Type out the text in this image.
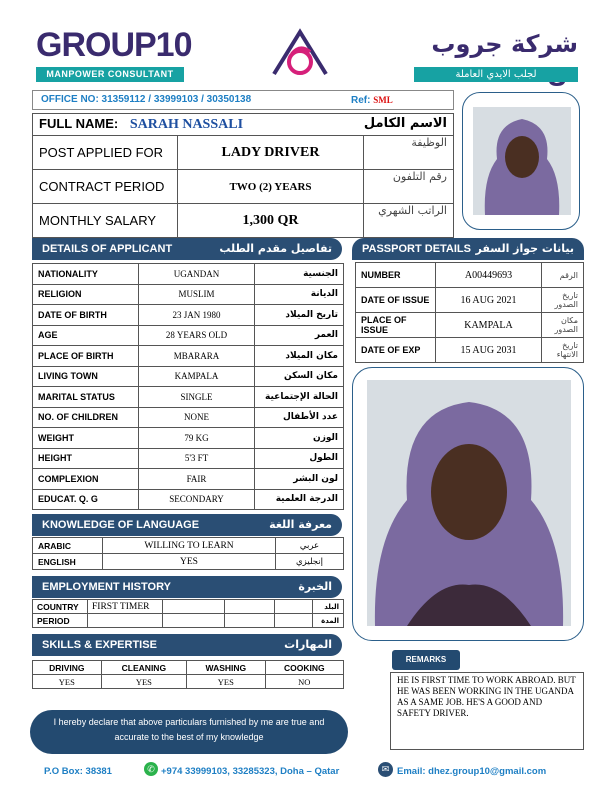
GROUP10
MANPOWER CONSULTANT
شركة جروب
لجلب الايدي العاملة
OFFICE NO: 31359112 / 33999103 / 30350138	Ref: SML
FULL NAME: SARAH NASSALI الاسم الكامل		

POST APPLIED FOR	LADY DRIVER	الوظيفة
CONTRACT PERIOD	TWO (2) YEARS	رقم التلفون
MONTHLY SALARY	1,300 QR	الراتب الشهري
DETAILS OF APPLICANT	تفاصيل مقدم الطلب
NATIONALITY	UGANDAN	الجنسية
RELIGION	MUSLIM	الديانة
DATE OF BIRTH	23 JAN 1980	تاريخ الميلاد
AGE	28 YEARS OLD	العمر
PLACE OF BIRTH	MBARARA	مكان الميلاد
LIVING TOWN	KAMPALA	مكان السكن
MARITAL STATUS	SINGLE	الحالة الإجتماعية
NO. OF CHILDREN	NONE	عدد الأطفال
WEIGHT	79 KG	الوزن
HEIGHT	5'3 FT	الطول
COMPLEXION	FAIR	لون البشر
EDUCAT. Q. G	SECONDARY	الدرجة العلمية
PASSPORT DETAILS بيانات جواز السفر
NUMBER	A00449693	الرقم
DATE OF ISSUE	16 AUG 2021	تاريخ الصدور
PLACE OF ISSUE	KAMPALA	مكان الصدور
DATE OF EXP	15 AUG 2031	تاريخ الانتهاء
KNOWLEDGE OF LANGUAGE	معرفة اللغة
ARABIC	WILLING TO LEARN	عربي
ENGLISH	YES	إنجليزي
EMPLOYMENT HISTORY	الخبرة
COUNTRY	FIRST TIMER				البلد
PERIOD					المدة
SKILLS & EXPERTISE	المهارات
DRIVING	CLEANING	WASHING	COOKING
YES	YES	YES	NO
REMARKS
HE IS FIRST TIME TO WORK ABROAD. BUT HE WAS BEEN WORKING IN THE UGANDA AS A SAME JOB. HE'S A GOOD AND SAFETY DRIVER.
I hereby declare that above particulars furnished by me are true and accurate to the best of my knowledge
P.O Box: 38381	✆ +974 33999103, 33285323, Doha – Qatar	✉ Email: dhez.group10@gmail.com
